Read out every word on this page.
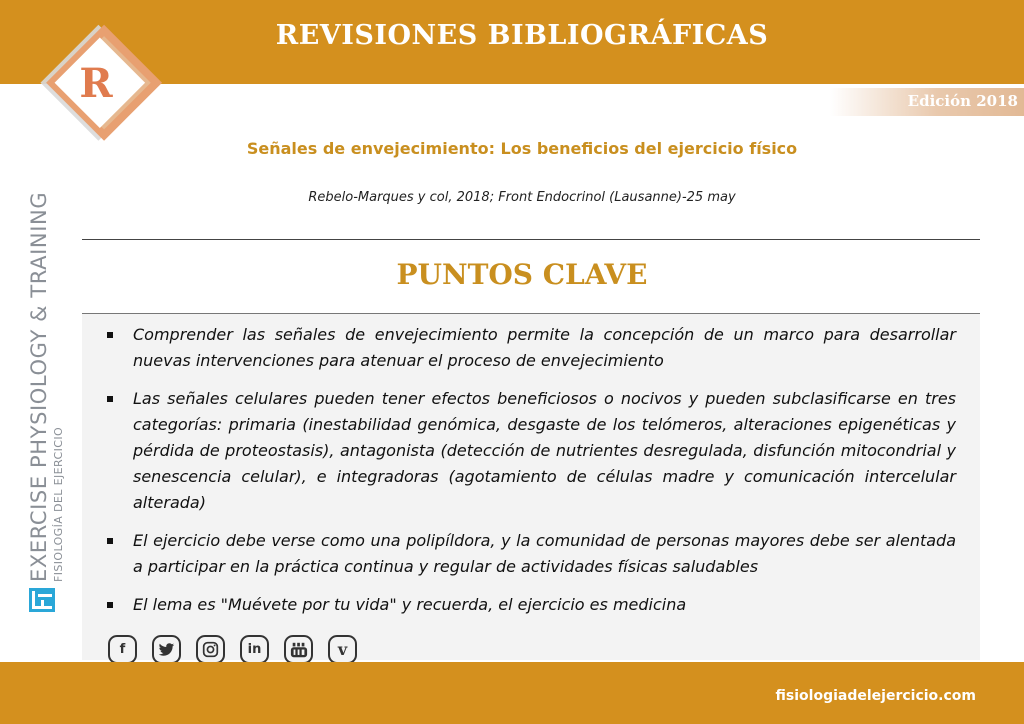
REVISIONES BIBLIOGRÁFICAS
Edición 2018
R
Señales de envejecimiento: Los beneficios del ejercicio físico
Rebelo-Marques y col, 2018; Front Endocrinol (Lausanne)-25 may
PUNTOS CLAVE
Comprender las señales de envejecimiento permite la concepción de un marco para desarrollar nuevas intervenciones para atenuar el proceso de envejecimiento
Las señales celulares pueden tener efectos beneficiosos o nocivos y pueden subclasificarse en tres categorías: primaria (inestabilidad genómica, desgaste de los telómeros, alteraciones epigenéticas y pérdida de proteostasis), antagonista (detección de nutrientes desregulada, disfunción mitocondrial y senescencia celular), e integradoras (agotamiento de células madre y comunicación intercelular alterada)
El ejercicio debe verse como una polipíldora, y la comunidad de personas mayores debe ser alentada a participar en la práctica continua y regular de actividades físicas saludables
El lema es "Muévete por tu vida" y recuerda, el ejercicio es medicina
f	in	v
fisiologiadelejercicio.com
EXERCISE PHYSIOLOGY & TRAINING FISIOLOGÍA DEL EJERCICIO
